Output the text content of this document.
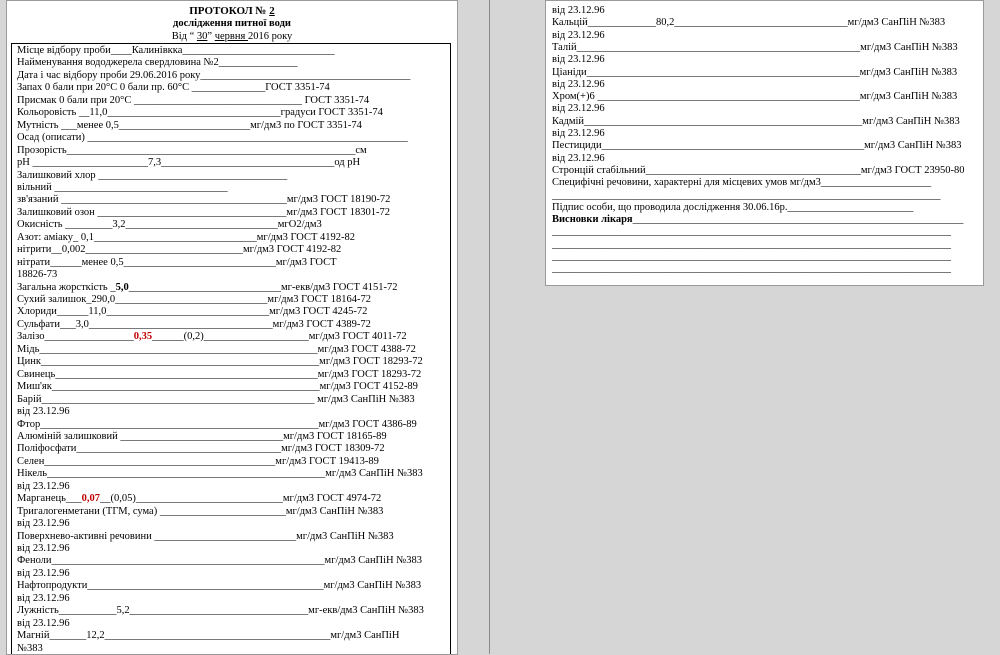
ПРОТОКОЛ № 2
дослідження питної води
Від “ 30” червня 2016 року
Місце відбору проби____Калинівкка_____________________________
Найменування вододжерела свердловина №2_______________
Дата і час відбору проби 29.06.2016 року________________________________________
Запах 0 бали при 20°С 0 бали пр. 60°С ______________ГОСТ 3351-74
Присмак 0 бали при 20°С ________________________________ ГОСТ 3351-74
Кольоровість __11,0_________________________________градуси ГОСТ 3351-74
Мутність ___менее 0,5_________________________мг/дм3 по ГОСТ 3351-74
Осад (описати) _____________________________________________________________
Прозорість_______________________________________________________см
рН ______________________7,3_________________________________од рН
Залишковий хлор ____________________________________
вільний _________________________________
зв'язаний ___________________________________________мг/дм3 ГОСТ 18190-72
Залишковий озон ____________________________________мг/дм3 ГОСТ 18301-72
Окисність _________3,2_____________________________мгО2/дм3
Азот: аміаку_ 0,1_______________________________мг/дм3 ГОСТ 4192-82
нітрити__0,002______________________________мг/дм3 ГОСТ 4192-82
нітрати______менее 0,5_____________________________мг/дм3 ГОСТ
18826-73
Загальна жорсткість _5,0_____________________________мг-екв/дм3 ГОСТ 4151-72
Сухий залишок_290,0_____________________________мг/дм3 ГОСТ 18164-72
Хлориди______11,0_______________________________мг/дм3 ГОСТ 4245-72
Сульфати___3,0___________________________________мг/дм3 ГОСТ 4389-72
Залізо_________________0,35______(0,2)____________________мг/дм3 ГОСТ 4011-72
Мідь_____________________________________________________мг/дм3 ГОСТ 4388-72
Цинк_____________________________________________________мг/дм3 ГОСТ 18293-72
Свинець__________________________________________________мг/дм3 ГОСТ 18293-72
Миш'як___________________________________________________мг/дм3 ГОСТ 4152-89
Барій____________________________________________________ мг/дм3 СанПіН №383
від 23.12.96
Фтор_____________________________________________________мг/дм3 ГОСТ 4386-89
Алюміній залишковий _______________________________мг/дм3 ГОСТ 18165-89
Поліфосфати_______________________________________мг/дм3 ГОСТ 18309-72
Селен____________________________________________мг/дм3 ГОСТ 19413-89
Нікель_____________________________________________________мг/дм3 СанПіН №383
від 23.12.96
Марганець___0,07__(0,05)____________________________мг/дм3 ГОСТ 4974-72
Тригалогенметани (ТГМ, сума) ________________________мг/дм3 СанПіН №383
від 23.12.96
Поверхнево-активні речовини ___________________________мг/дм3 СанПіН №383
від 23.12.96
Феноли____________________________________________________мг/дм3 СанПіН №383
від 23.12.96
Нафтопродукти_____________________________________________мг/дм3 СанПіН №383
від 23.12.96
Лужність___________5,2__________________________________мг-екв/дм3 СанПіН №383
від 23.12.96
Магній_______12,2___________________________________________мг/дм3 СанПіН
№383
від 23.12.96
Кальцій_____________80,2_________________________________мг/дм3 СанПіН №383
від 23.12.96
Талій______________________________________________________мг/дм3 СанПіН №383
від 23.12.96
Ціаніди____________________________________________________мг/дм3 СанПіН №383
від 23.12.96
Хром(+)6 __________________________________________________мг/дм3 СанПіН №383
від 23.12.96
Кадмій_____________________________________________________мг/дм3 СанПіН №383
від 23.12.96
Пестициди__________________________________________________мг/дм3 СанПіН №383
від 23.12.96
Стронцій стабільний_________________________________________мг/дм3 ГОСТ 23950-80
Специфічні речовини, характерні для місцевих умов мг/дм3_____________________
__________________________________________________________________________
Підпис особи, що проводила дослідження 30.06.16р.________________________
Висновки лікаря_______________________________________________________________
____________________________________________________________________________
____________________________________________________________________________
____________________________________________________________________________
____________________________________________________________________________
